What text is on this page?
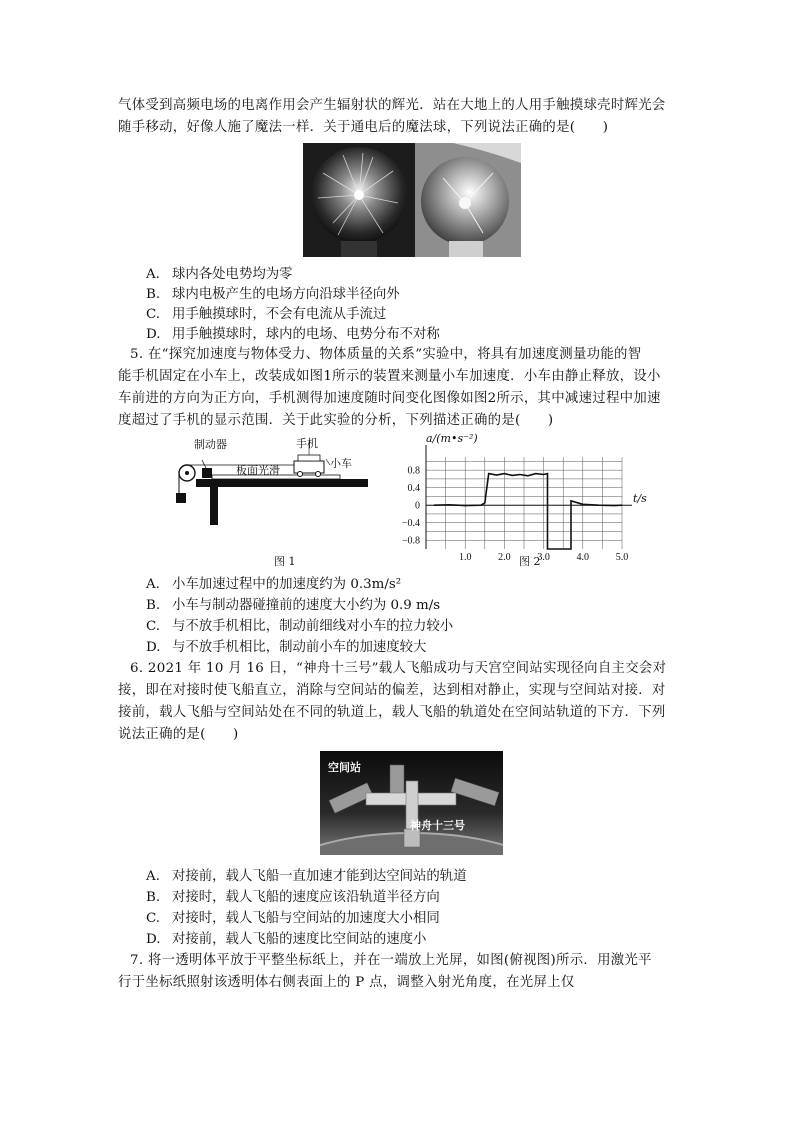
气体受到高频电场的电离作用会产生辐射状的辉光．站在大地上的人用手触摸球壳时辉光会
随手移动，好像人施了魔法一样．关于通电后的魔法球，下列说法正确的是(　　)
A. 球内各处电势均为零
B. 球内电极产生的电场方向沿球半径向外
C. 用手触摸球时，不会有电流从手流过
D. 用手触摸球时，球内的电场、电势分布不对称
5. 在“探究加速度与物体受力、物体质量的关系”实验中，将具有加速度测量功能的智
能手机固定在小车上，改装成如图1所示的装置来测量小车加速度．小车由静止释放，设小
车前进的方向为正方向，手机测得加速度随时间变化图像如图2所示，其中减速过程中加速
度超过了手机的显示范围．关于此实验的分析，下列描述正确的是(　　)
制动器	手机
板面光滑
小车
图 1
0.8
0.4
0
−0.4
−0.8
1.0	2.0	3.0	4.0	5.0
a/(m•s⁻²)
t/s
图 2
A. 小车加速过程中的加速度约为 0.3m/s²
B. 小车与制动器碰撞前的速度大小约为 0.9 m/s
C. 与不放手机相比，制动前细线对小车的拉力较小
D. 与不放手机相比，制动前小车的加速度较大
6. 2021 年 10 月 16 日，“神舟十三号”载人飞船成功与天宫空间站实现径向自主交会对
接，即在对接时使飞船直立，消除与空间站的偏差，达到相对静止，实现与空间站对接．对
接前，载人飞船与空间站处在不同的轨道上，载人飞船的轨道处在空间站轨道的下方．下列
说法正确的是(　　)
空间站
神舟十三号
A. 对接前，载人飞船一直加速才能到达空间站的轨道
B. 对接时，载人飞船的速度应该沿轨道半径方向
C. 对接时，载人飞船与空间站的加速度大小相同
D. 对接前，载人飞船的速度比空间站的速度小
7. 将一透明体平放于平整坐标纸上，并在一端放上光屏，如图(俯视图)所示．用激光平
行于坐标纸照射该透明体右侧表面上的 P 点，调整入射光角度，在光屏上仅
